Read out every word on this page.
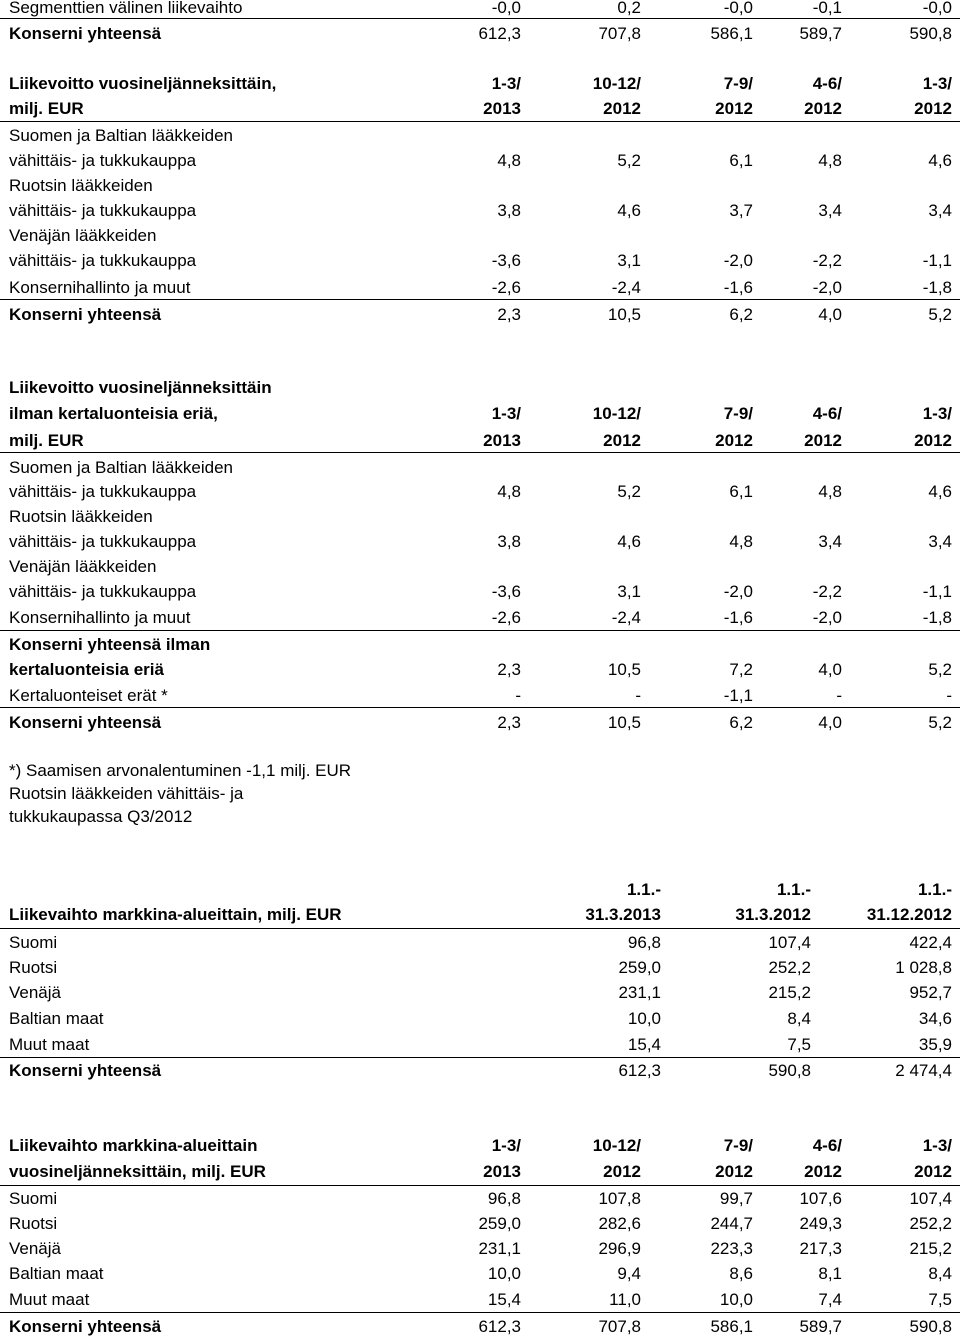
Segmenttien välinen liikevaihto	-0,0	0,2	-0,0	-0,1	-0,0
Konserni yhteensä	612,3	707,8	586,1	589,7	590,8
Liikevoitto vuosineljänneksittäin,	1-3/	10-12/	7-9/	4-6/	1-3/
milj. EUR	2013	2012	2012	2012	2012
Suomen ja Baltian lääkkeiden
vähittäis- ja tukkukauppa	4,8	5,2	6,1	4,8	4,6
Ruotsin lääkkeiden
vähittäis- ja tukkukauppa	3,8	4,6	3,7	3,4	3,4
Venäjän lääkkeiden
vähittäis- ja tukkukauppa	-3,6	3,1	-2,0	-2,2	-1,1
Konsernihallinto ja muut	-2,6	-2,4	-1,6	-2,0	-1,8
Konserni yhteensä	2,3	10,5	6,2	4,0	5,2
Liikevoitto vuosineljänneksittäin
ilman kertaluonteisia eriä,	1-3/	10-12/	7-9/	4-6/	1-3/
milj. EUR	2013	2012	2012	2012	2012
Suomen ja Baltian lääkkeiden
vähittäis- ja tukkukauppa	4,8	5,2	6,1	4,8	4,6
Ruotsin lääkkeiden
vähittäis- ja tukkukauppa	3,8	4,6	4,8	3,4	3,4
Venäjän lääkkeiden
vähittäis- ja tukkukauppa	-3,6	3,1	-2,0	-2,2	-1,1
Konsernihallinto ja muut	-2,6	-2,4	-1,6	-2,0	-1,8
Konserni yhteensä ilman
kertaluonteisia eriä	2,3	10,5	7,2	4,0	5,2
Kertaluonteiset erät *	-	-	-1,1	-	-
Konserni yhteensä	2,3	10,5	6,2	4,0	5,2
*) Saamisen arvonalentuminen -1,1 milj. EUR
Ruotsin lääkkeiden vähittäis- ja
tukkukaupassa Q3/2012
1.1.-	1.1.-	1.1.-
Liikevaihto markkina-alueittain, milj. EUR	31.3.2013	31.3.2012	31.12.2012
Suomi	96,8	107,4	422,4
Ruotsi	259,0	252,2	1 028,8
Venäjä	231,1	215,2	952,7
Baltian maat	10,0	8,4	34,6
Muut maat	15,4	7,5	35,9
Konserni yhteensä	612,3	590,8	2 474,4
Liikevaihto markkina-alueittain	1-3/	10-12/	7-9/	4-6/	1-3/
vuosineljänneksittäin, milj. EUR	2013	2012	2012	2012	2012
Suomi	96,8	107,8	99,7	107,6	107,4
Ruotsi	259,0	282,6	244,7	249,3	252,2
Venäjä	231,1	296,9	223,3	217,3	215,2
Baltian maat	10,0	9,4	8,6	8,1	8,4
Muut maat	15,4	11,0	10,0	7,4	7,5
Konserni yhteensä	612,3	707,8	586,1	589,7	590,8
